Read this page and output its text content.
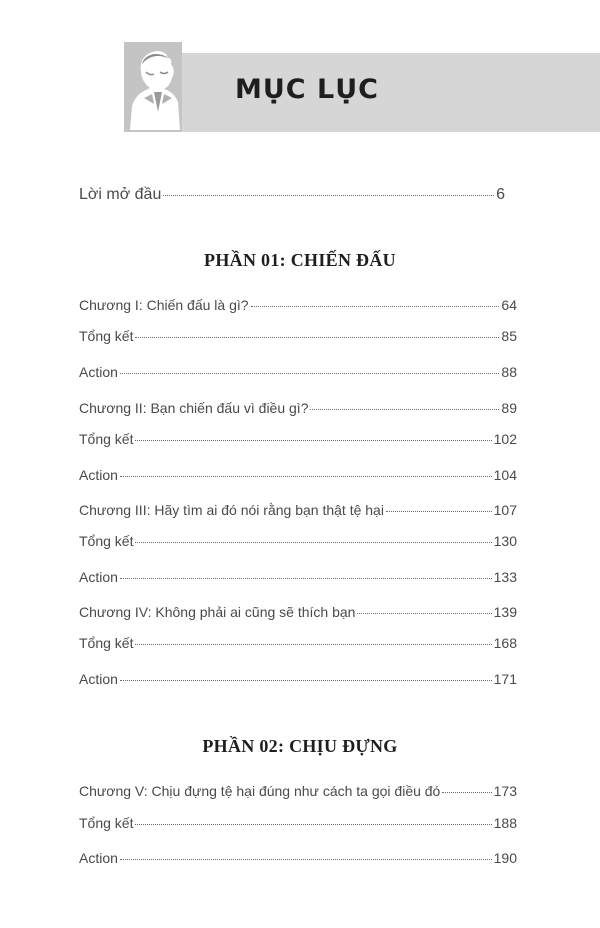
MỤC LỤC
Lời mở đầu	6
PHẦN 01: CHIẾN ĐẤU
Chương I: Chiến đấu là gì?	64
Tổng kết	85
Action	88
Chương II: Bạn chiến đấu vì điều gì?	89
Tổng kết	102
Action	104
Chương III: Hãy tìm ai đó nói rằng bạn thật tệ hại	107
Tổng kết	130
Action	133
Chương IV: Không phải ai cũng sẽ thích bạn	139
Tổng kết	168
Action	171
PHẦN 02: CHỊU ĐỰNG
Chương V: Chịu đựng tệ hại đúng như cách ta gọi điều đó	173
Tổng kết	188
Action	190
